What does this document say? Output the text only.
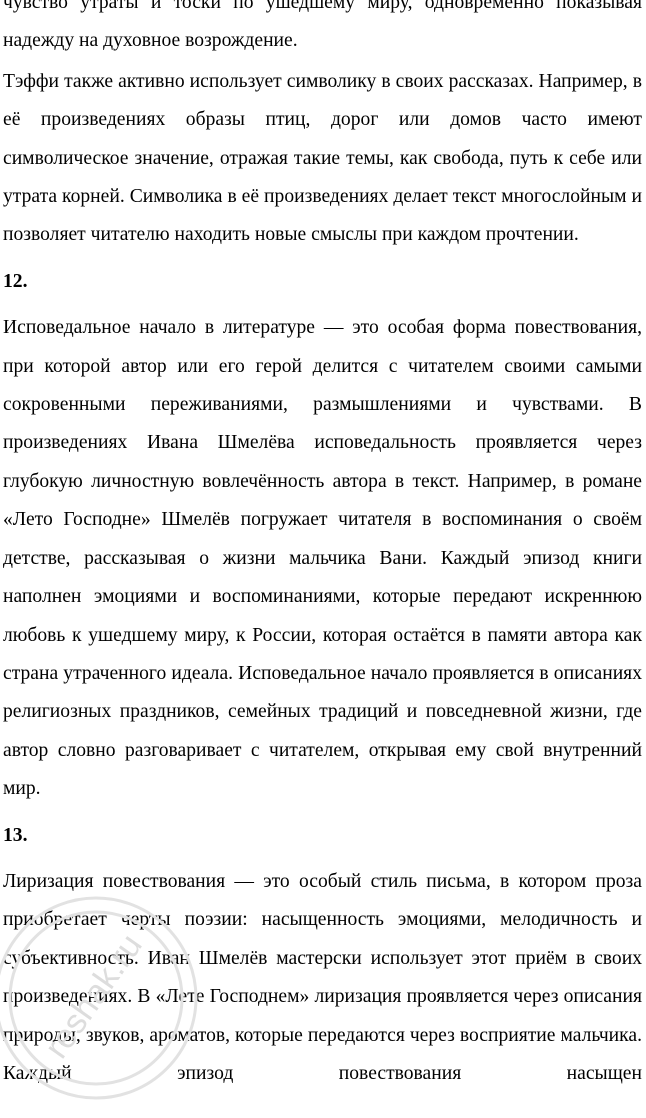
чувство утраты и тоски по ушедшему миру, одновременно показывая надежду на духовное возрождение.

Тэффи также активно использует символику в своих рассказах. Например, в её произведениях образы птиц, дорог или домов часто имеют символическое значение, отражая такие темы, как свобода, путь к себе или утрата корней. Символика в её произведениях делает текст многослойным и позволяет читателю находить новые смыслы при каждом прочтении.

12.

Исповедальное начало в литературе — это особая форма повествования, при которой автор или его герой делится с читателем своими самыми сокровенными переживаниями, размышлениями и чувствами. В произведениях Ивана Шмелёва исповедальность проявляется через глубокую личностную вовлечённость автора в текст. Например, в романе «Лето Господне» Шмелёв погружает читателя в воспоминания о своём детстве, рассказывая о жизни мальчика Вани. Каждый эпизод книги наполнен эмоциями и воспоминаниями, которые передают искреннюю любовь к ушедшему миру, к России, которая остаётся в памяти автора как страна утраченного идеала. Исповедальное начало проявляется в описаниях религиозных праздников, семейных традиций и повседневной жизни, где автор словно разговаривает с читателем, открывая ему свой внутренний мир.

13.

Лиризация повествования — это особый стиль письма, в котором проза приобретает черты поэзии: насыщенность эмоциями, мелодичность и субъективность. Иван Шмелёв мастерски использует этот приём в своих произведениях. В «Лете Господнем» лиризация проявляется через описания природы, звуков, ароматов, которые передаются через восприятие мальчика. Каждый эпизод повествования насыщен

reshak.ru
